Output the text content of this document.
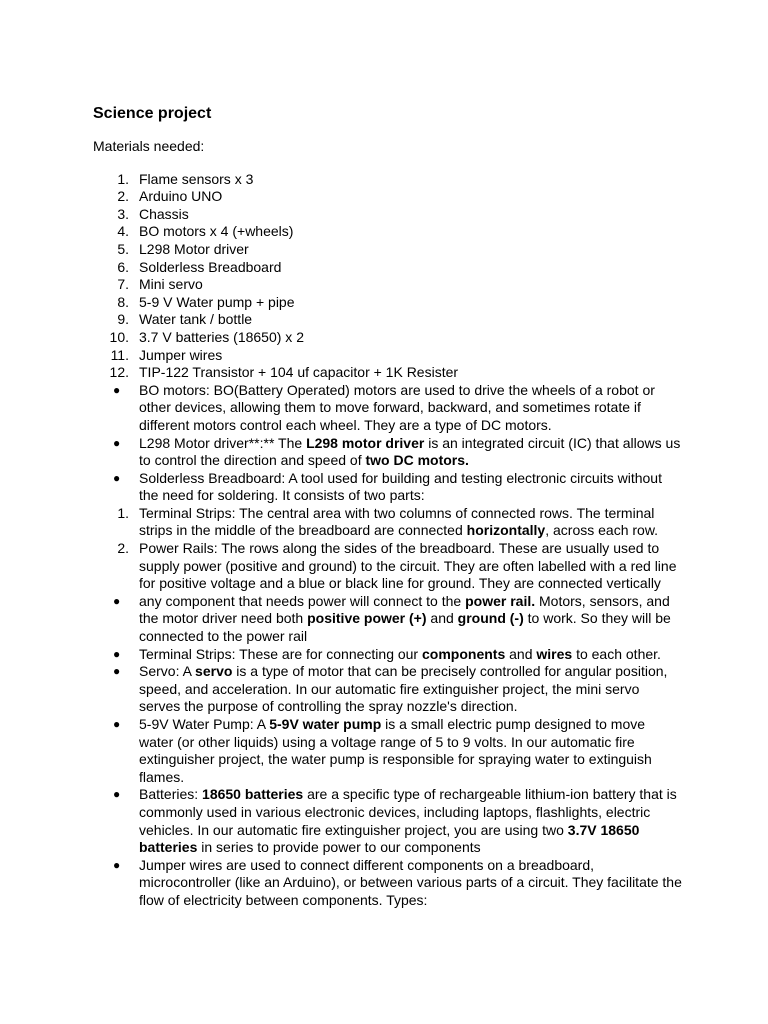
Science project
Materials needed:
1. Flame sensors x 3
2. Arduino UNO
3. Chassis
4. BO motors x 4 (+wheels)
5. L298 Motor driver
6. Solderless Breadboard
7. Mini servo
8. 5-9 V Water pump + pipe
9. Water tank / bottle
10. 3.7 V batteries (18650) x 2
11. Jumper wires
12. TIP-122 Transistor + 104 uf capacitor + 1K Resister
●	BO motors: BO(Battery Operated) motors are used to drive the wheels of a robot or other devices, allowing them to move forward, backward, and sometimes rotate if different motors control each wheel. They are a type of DC motors.
●	L298 Motor driver**:** The L298 motor driver is an integrated circuit (IC) that allows us to control the direction and speed of two DC motors.
●	Solderless Breadboard: A tool used for building and testing electronic circuits without the need for soldering. It consists of two parts:
1. Terminal Strips: The central area with two columns of connected rows. The terminal strips in the middle of the breadboard are connected horizontally, across each row.
2. Power Rails: The rows along the sides of the breadboard. These are usually used to supply power (positive and ground) to the circuit. They are often labelled with a red line for positive voltage and a blue or black line for ground. They are connected vertically
●	any component that needs power will connect to the power rail. Motors, sensors, and the motor driver need both positive power (+) and ground (-) to work. So they will be connected to the power rail
●	Terminal Strips: These are for connecting our components and wires to each other.
●	Servo: A servo is a type of motor that can be precisely controlled for angular position, speed, and acceleration. In our automatic fire extinguisher project, the mini servo serves the purpose of controlling the spray nozzle's direction.
●	5-9V Water Pump: A 5-9V water pump is a small electric pump designed to move water (or other liquids) using a voltage range of 5 to 9 volts. In our automatic fire extinguisher project, the water pump is responsible for spraying water to extinguish flames.
●	Batteries: 18650 batteries are a specific type of rechargeable lithium-ion battery that is commonly used in various electronic devices, including laptops, flashlights, electric vehicles. In our automatic fire extinguisher project, you are using two 3.7V 18650 batteries in series to provide power to our components
●	Jumper wires are used to connect different components on a breadboard, microcontroller (like an Arduino), or between various parts of a circuit. They facilitate the flow of electricity between components. Types:
